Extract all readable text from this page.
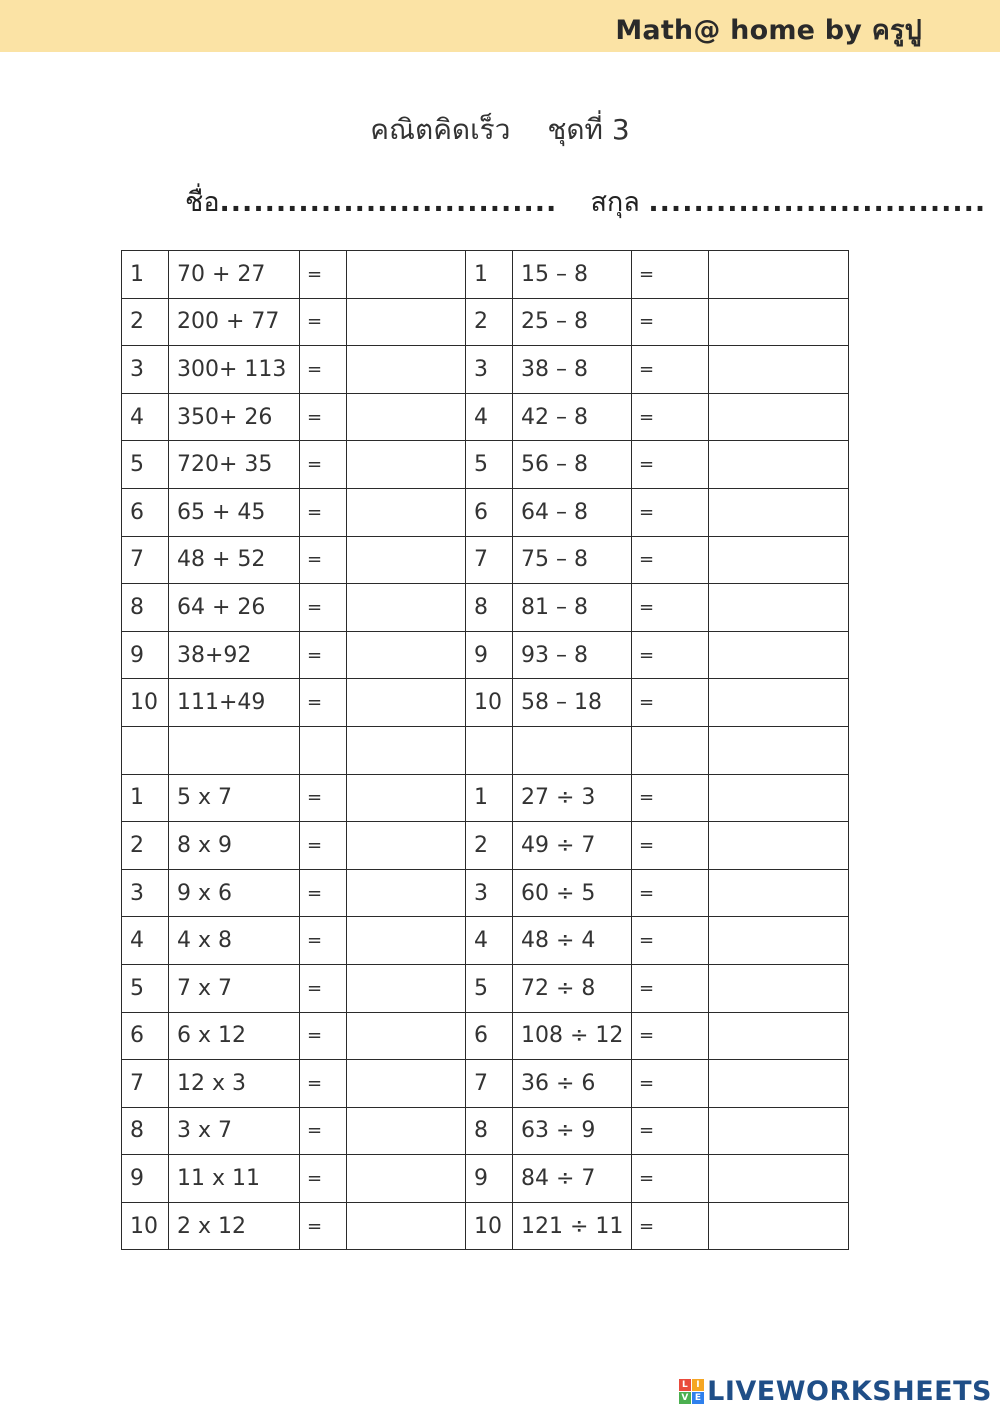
Math@ home by ครูปู
คณิตคิดเร็ว ชุดที่ 3
ชื่อ.............................. สกุล ..............................
1	70 + 27	=		1	15 – 8	=	
2	200 + 77	=		2	25 – 8	=	
3	300+ 113	=		3	38 – 8	=	
4	350+ 26	=		4	42 – 8	=	
5	720+ 35	=		5	56 – 8	=	
6	65 + 45	=		6	64 – 8	=	
7	48 + 52	=		7	75 – 8	=	
8	64 + 26	=		8	81 – 8	=	
9	38+92	=		9	93 – 8	=	
10	111+49	=		10	58 – 18	=	

1	5 x 7	=		1	27 ÷ 3	=	
2	8 x 9	=		2	49 ÷ 7	=	
3	9 x 6	=		3	60 ÷ 5	=	
4	4 x 8	=		4	48 ÷ 4	=	
5	7 x 7	=		5	72 ÷ 8	=	
6	6 x 12	=		6	108 ÷ 12	=	
7	12 x 3	=		7	36 ÷ 6	=	
8	3 x 7	=		8	63 ÷ 9	=	
9	11 x 11	=		9	84 ÷ 7	=	
10	2 x 12	=		10	121 ÷ 11	=	
L I
V E LIVEWORKSHEETS
